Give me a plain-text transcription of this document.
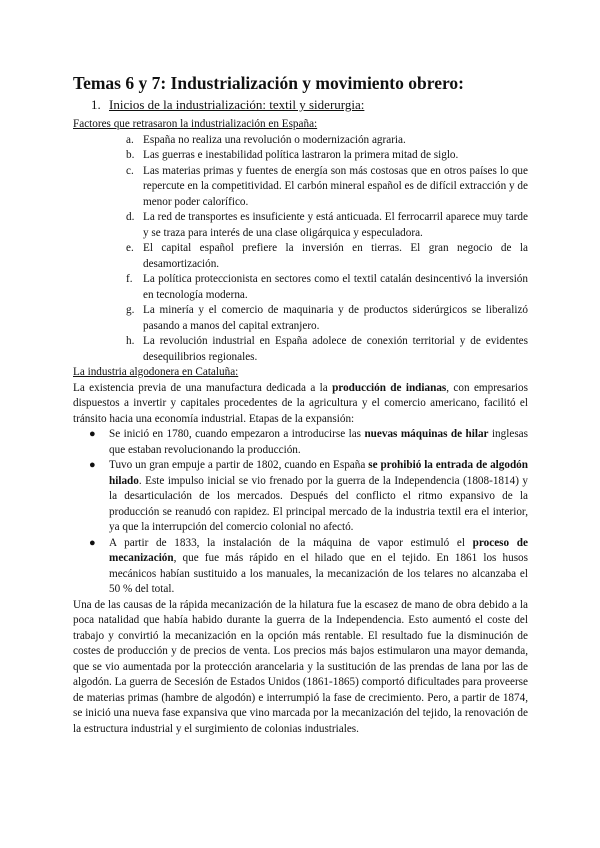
Temas 6 y 7: Industrialización y movimiento obrero:
1. Inicios de la industrialización: textil y siderurgia:
Factores que retrasaron la industrialización en España:
a. España no realiza una revolución o modernización agraria.
b. Las guerras e inestabilidad política lastraron la primera mitad de siglo.
c. Las materias primas y fuentes de energía son más costosas que en otros países lo que repercute en la competitividad. El carbón mineral español es de difícil extracción y de menor poder calorífico.
d. La red de transportes es insuficiente y está anticuada. El ferrocarril aparece muy tarde y se traza para interés de una clase oligárquica y especuladora.
e. El capital español prefiere la inversión en tierras. El gran negocio de la desamortización.
f. La política proteccionista en sectores como el textil catalán desincentivó la inversión en tecnología moderna.
g. La minería y el comercio de maquinaria y de productos siderúrgicos se liberalizó pasando a manos del capital extranjero.
h. La revolución industrial en España adolece de conexión territorial y de evidentes desequilibrios regionales.
La industria algodonera en Cataluña:

La existencia previa de una manufactura dedicada a la producción de indianas, con empresarios dispuestos a invertir y capitales procedentes de la agricultura y el comercio americano, facilitó el tránsito hacia una economía industrial. Etapas de la expansión:

● Se inició en 1780, cuando empezaron a introducirse las nuevas máquinas de hilar inglesas que estaban revolucionando la producción.
● Tuvo un gran empuje a partir de 1802, cuando en España se prohibió la entrada de algodón hilado. Este impulso inicial se vio frenado por la guerra de la Independencia (1808-1814) y la desarticulación de los mercados. Después del conflicto el ritmo expansivo de la producción se reanudó con rapidez. El principal mercado de la industria textil era el interior, ya que la interrupción del comercio colonial no afectó.
● A partir de 1833, la instalación de la máquina de vapor estimuló el proceso de mecanización, que fue más rápido en el hilado que en el tejido. En 1861 los husos mecánicos habían sustituido a los manuales, la mecanización de los telares no alcanzaba el 50 % del total.

Una de las causas de la rápida mecanización de la hilatura fue la escasez de mano de obra debido a la poca natalidad que había habido durante la guerra de la Independencia. Esto aumentó el coste del trabajo y convirtió la mecanización en la opción más rentable. El resultado fue la disminución de costes de producción y de precios de venta. Los precios más bajos estimularon una mayor demanda, que se vio aumentada por la protección arancelaria y la sustitución de las prendas de lana por las de algodón. La guerra de Secesión de Estados Unidos (1861-1865) comportó dificultades para proveerse de materias primas (hambre de algodón) e interrumpió la fase de crecimiento. Pero, a partir de 1874, se inició una nueva fase expansiva que vino marcada por la mecanización del tejido, la renovación de la estructura industrial y el surgimiento de colonias industriales.
